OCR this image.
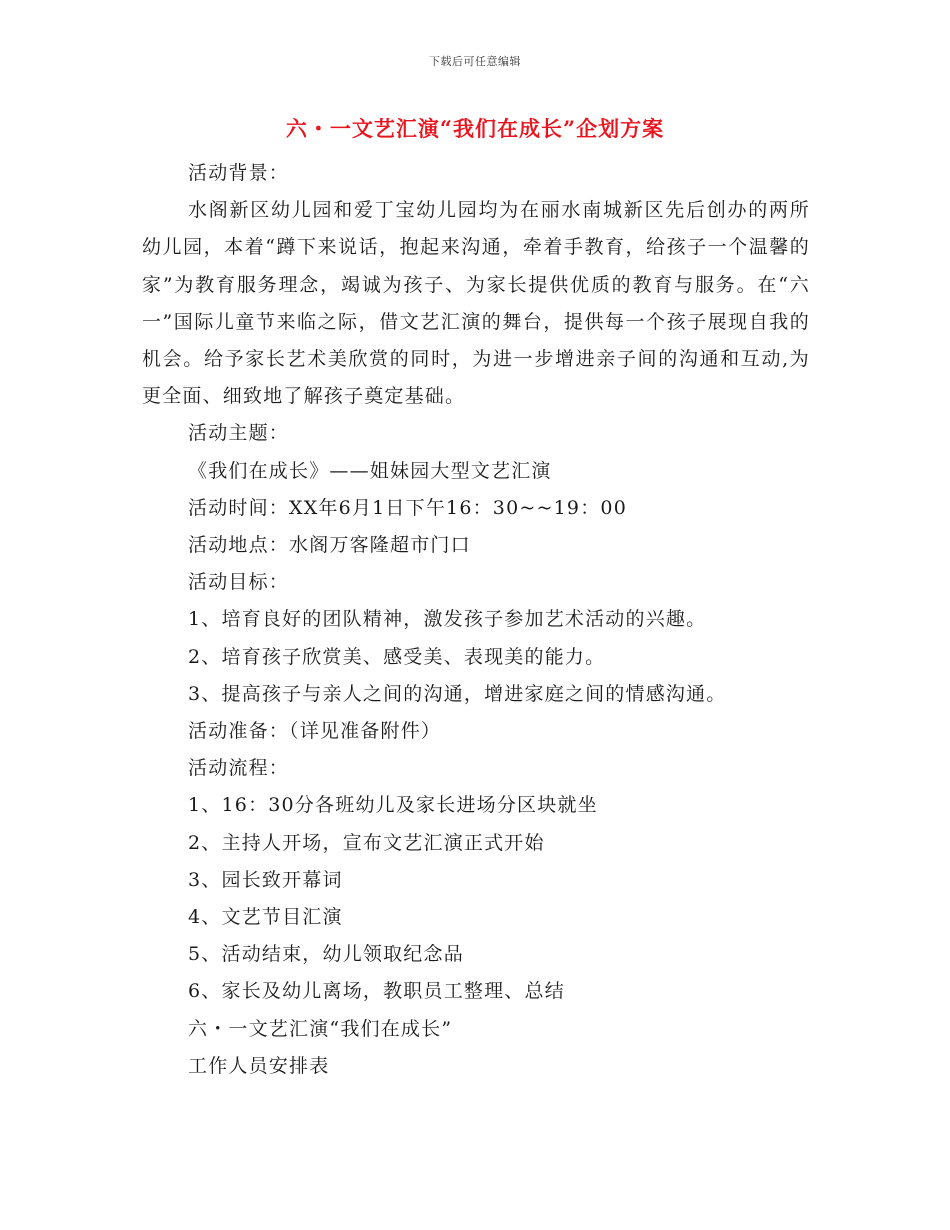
下载后可任意编辑
六・一文艺汇演“我们在成长”企划方案
活动背景：
水阁新区幼儿园和爱丁宝幼儿园均为在丽水南城新区先后创办的两所幼儿园，本着“蹲下来说话，抱起来沟通，牵着手教育，给孩子一个温馨的家”为教育服务理念，竭诚为孩子、为家长提供优质的教育与服务。在“六一”国际儿童节来临之际，借文艺汇演的舞台，提供每一个孩子展现自我的机会。给予家长艺术美欣赏的同时，为进一步增进亲子间的沟通和互动,为更全面、细致地了解孩子奠定基础。
活动主题：
《我们在成长》——姐妹园大型文艺汇演
活动时间：XX年6月1日下午16：30~~19：00
活动地点：水阁万客隆超市门口
活动目标：
1、培育良好的团队精神，激发孩子参加艺术活动的兴趣。
2、培育孩子欣赏美、感受美、表现美的能力。
3、提高孩子与亲人之间的沟通，增进家庭之间的情感沟通。
活动准备：（详见准备附件）
活动流程：
1、16：30分各班幼儿及家长进场分区块就坐
2、主持人开场，宣布文艺汇演正式开始
3、园长致开幕词
4、文艺节目汇演
5、活动结束，幼儿领取纪念品
6、家长及幼儿离场，教职员工整理、总结
六・一文艺汇演“我们在成长”
工作人员安排表
